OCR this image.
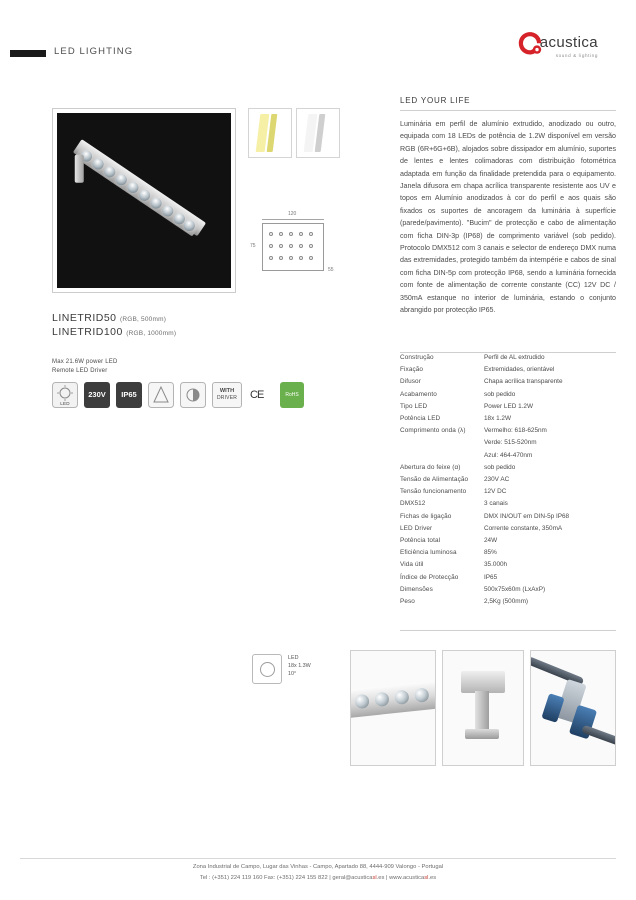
LED LIGHTING
acustica
sound & lighting
LINETRID50 (RGB, 500mm)
LINETRID100 (RGB, 1000mm)
Max 21.6W power LED
Remote LED Driver
LED
230V	IP65	WITH
DRIVER	CE	RoHS
120
75
55
LED YOUR LIFE
Luminária em perfil de alumínio extrudido, anodizado ou outro, equipada com 18 LEDs de potência de 1.2W disponível em versão RGB (6R+6G+6B), alojados sobre dissipador em alumínio, suportes de lentes e lentes colimadoras com distribuição fotométrica adaptada em função da finalidade pretendida para o equipamento. Janela difusora em chapa acrílica transparente resistente aos UV e topos em Alumínio anodizados à cor do perfil e aos quais são fixados os suportes de ancoragem da luminária à superfície (parede/pavimento). "Bucim" de protecção e cabo de alimentação com ficha DIN-3p (IP68) de comprimento variável (sob pedido). Protocolo DMX512 com 3 canais e selector de endereço DMX numa das extremidades, protegido também da intempérie e cabos de sinal com ficha DIN-5p com protecção IP68, sendo a luminária fornecida com fonte de alimentação de corrente constante (CC) 12V DC / 350mA estanque no interior de luminária, estando o conjunto abrangido por protecção IP65.
Construção	Perfil de AL extrudido
Fixação	Extremidades, orientável
Difusor	Chapa acrílica transparente
Acabamento	sob pedido
Tipo LED	Power LED 1.2W
Potência LED	18x 1.2W
Comprimento onda (λ)	Vermelho: 618-625nm
Verde: 515-520nm
Azul: 464-470nm
Abertura do feixe (α)	sob pedido
Tensão de Alimentação	230V AC
Tensão funcionamento	12V DC
DMX512	3 canais
Fichas de ligação	DMX IN/OUT em DIN-5p IP68
LED Driver	Corrente constante, 350mA
Potência total	24W
Eficiência luminosa	85%
Vida útil	35.000h
Índice de Protecção	IP65
Dimensões	500x75x60m (LxAxP)
Peso	2,5Kg (500mm)
LED
18x 1.3W
10°
Zona Industrial de Campo, Lugar das Vinhas - Campo, Apartado 88, 4444-909 Valongo - Portugal
Tel : (+351) 224 119 160 Fax: (+351) 224 155 822 | geral@acusticasl.es | www.acusticasl.es
